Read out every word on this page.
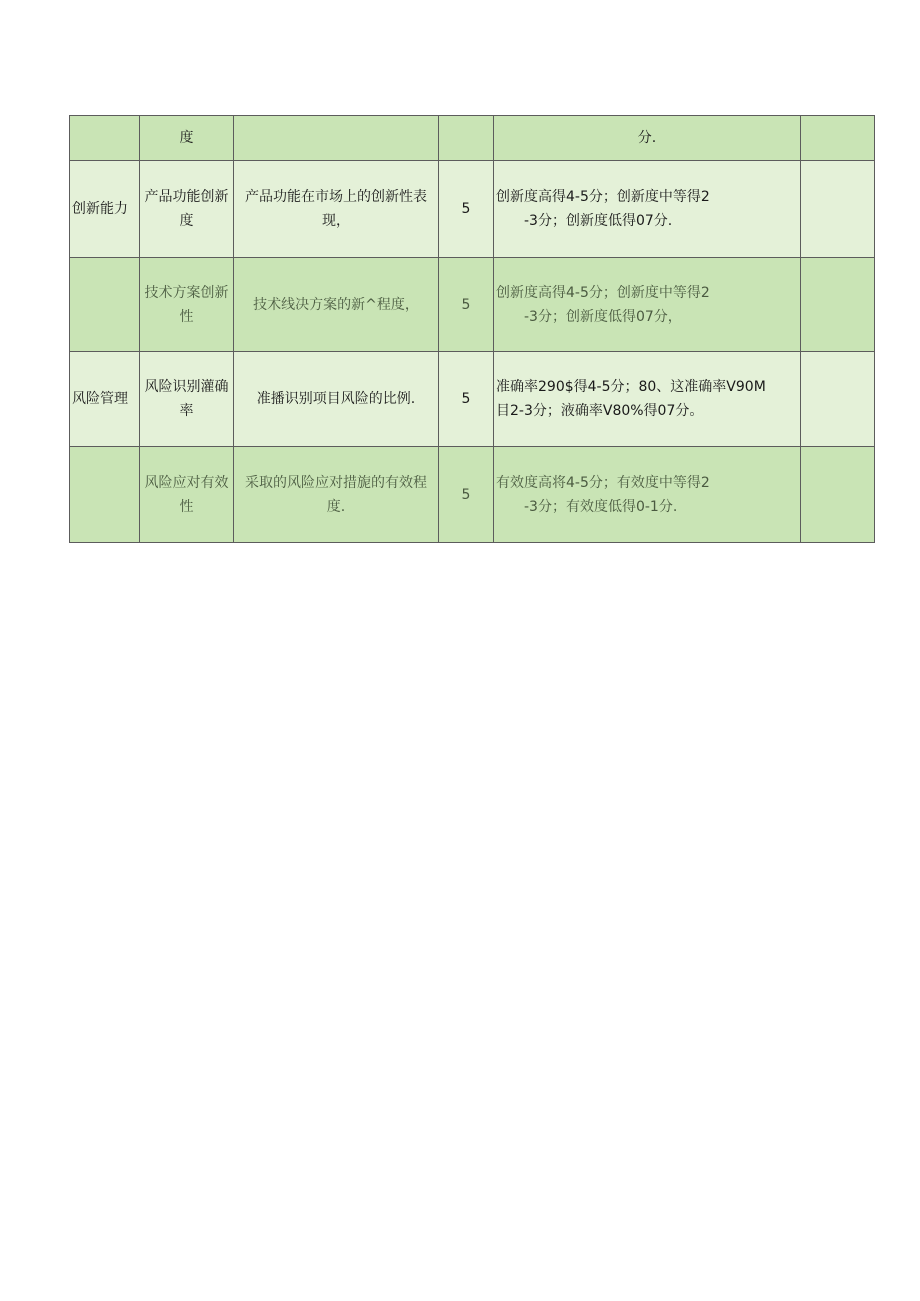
	度			分.	
创新能力	产品功能创新度	产品功能在市场上的创新性表现，	5	创新度高得4-5分；创新度中等得2
-3分；创新度低得07分.	

	技术方案创新性	技术线决方案的新^程度，	5	创新度高得4-5分；创新度中等得2
-3分；创新度低得07分，	

风险管理	风险识别灌确率	准播识别项目风险的比例.	5	准确率290$得4-5分；80、这准确率V90M
目2-3分；液确率V80%得07分。	

	风险应对有效性	采取的风险应对措旎的有效程度.	5	有效度高将4-5分；有效度中等得2
-3分；有效度低得0-1分.	
